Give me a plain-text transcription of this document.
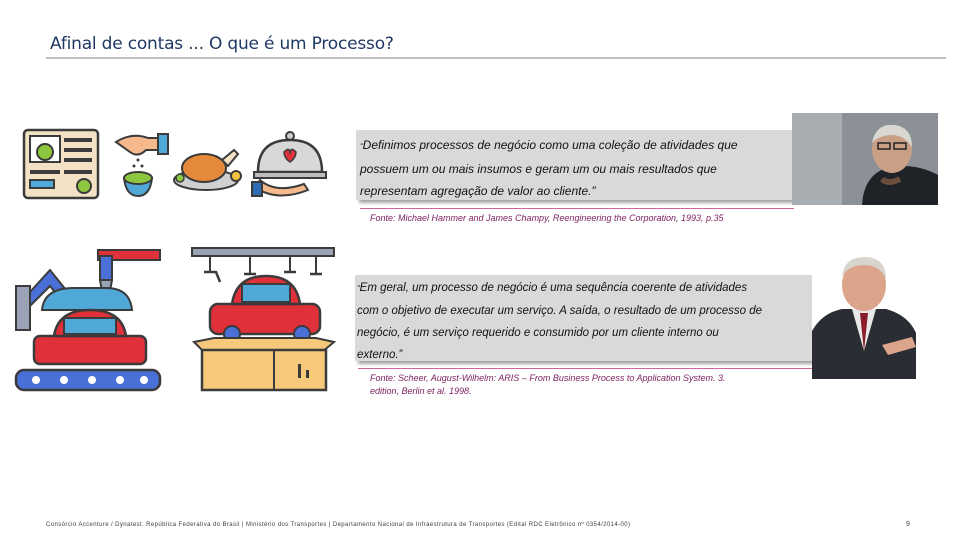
Afinal de contas ... O que é um Processo?
“Definimos processos de negócio como uma coleção de atividades que
possuem um ou mais insumos e geram um ou mais resultados que
representam agregação de valor ao cliente.”
Fonte: Michael Hammer and James Champy, Reengineering the Corporation, 1993, p.35
“Em geral, um processo de negócio é uma sequência coerente de atividades
com o objetivo de executar um serviço. A saída, o resultado de um processo de
negócio, é um serviço requerido e consumido por um cliente interno ou
externo.”
Fonte: Scheer, August-Wilhelm: ARIS – From Business Process to Application System. 3.
edition, Berlin et al. 1998.
Consórcio Accenture / Dynatest. República Federativa do Brasil | Ministério dos Transportes | Departamento Nacional de Infraestrutura de Transportes (Edital RDC Eletrônico nº 0354/2014-00)	9
